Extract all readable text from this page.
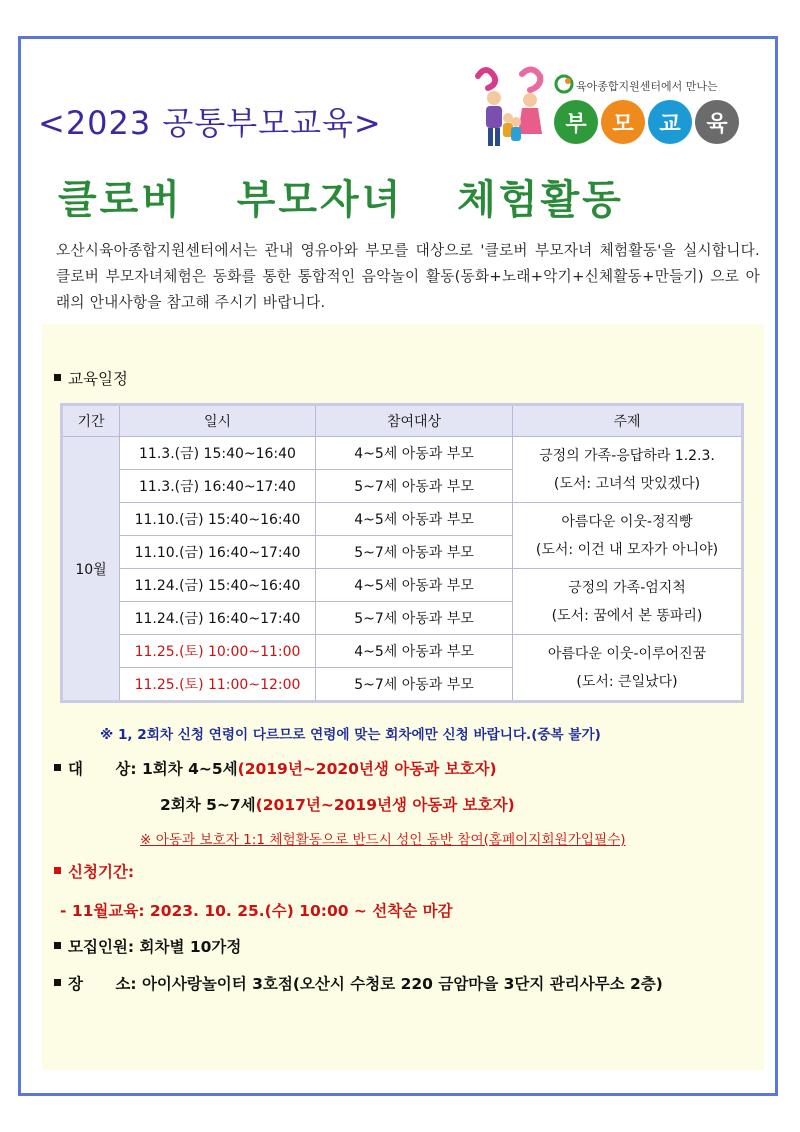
<2023 공통부모교육>
육아종합지원센터에서 만나는
부	모	교	육
클로버  부모자녀  체험활동
오산시육아종합지원센터에서는 관내 영유아와 부모를 대상으로 '클로버 부모자녀 체험활동'을 실시합니다. 클로버 부모자녀체험은 동화를 통한 통합적인 음악놀이 활동(동화+노래+악기+신체활동+만들기) 으로 아래의 안내사항을 참고해 주시기 바랍니다.
교육일정
기간	일시	참여대상	주제
10월	11.3.(금) 15:40~16:40	4~5세 아동과 부모	긍정의 가족-응답하라 1.2.3.
(도서: 고녀석 맛있겠다)

	11.3.(금) 16:40~17:40	5~7세 아동과 부모	
	11.10.(금) 15:40~16:40	4~5세 아동과 부모	아름다운 이웃-정직빵
(도서: 이건 내 모자가 아니야)

	11.10.(금) 16:40~17:40	5~7세 아동과 부모	
	11.24.(금) 15:40~16:40	4~5세 아동과 부모	긍정의 가족-엄지척
(도서: 꿈에서 본 똥파리)

	11.24.(금) 16:40~17:40	5~7세 아동과 부모	
	11.25.(토) 10:00~11:00	4~5세 아동과 부모	아름다운 이웃-이루어진꿈
(도서: 큰일났다)

	11.25.(토) 11:00~12:00	5~7세 아동과 부모	
※ 1, 2회차 신청 연령이 다르므로 연령에 맞는 회차에만 신청 바랍니다.(중복 불가)
대      상: 1회차 4~5세(2019년~2020년생 아동과 보호자)
2회차 5~7세(2017년~2019년생 아동과 보호자)
※ 아동과 보호자 1:1 체험활동으로 반드시 성인 동반 참여(홈페이지회원가입필수)
신청기간:
- 11월교육: 2023. 10. 25.(수) 10:00 ~ 선착순 마감
모집인원: 회차별 10가정
장      소: 아이사랑놀이터 3호점(오산시 수청로 220 금암마을 3단지 관리사무소 2층)
